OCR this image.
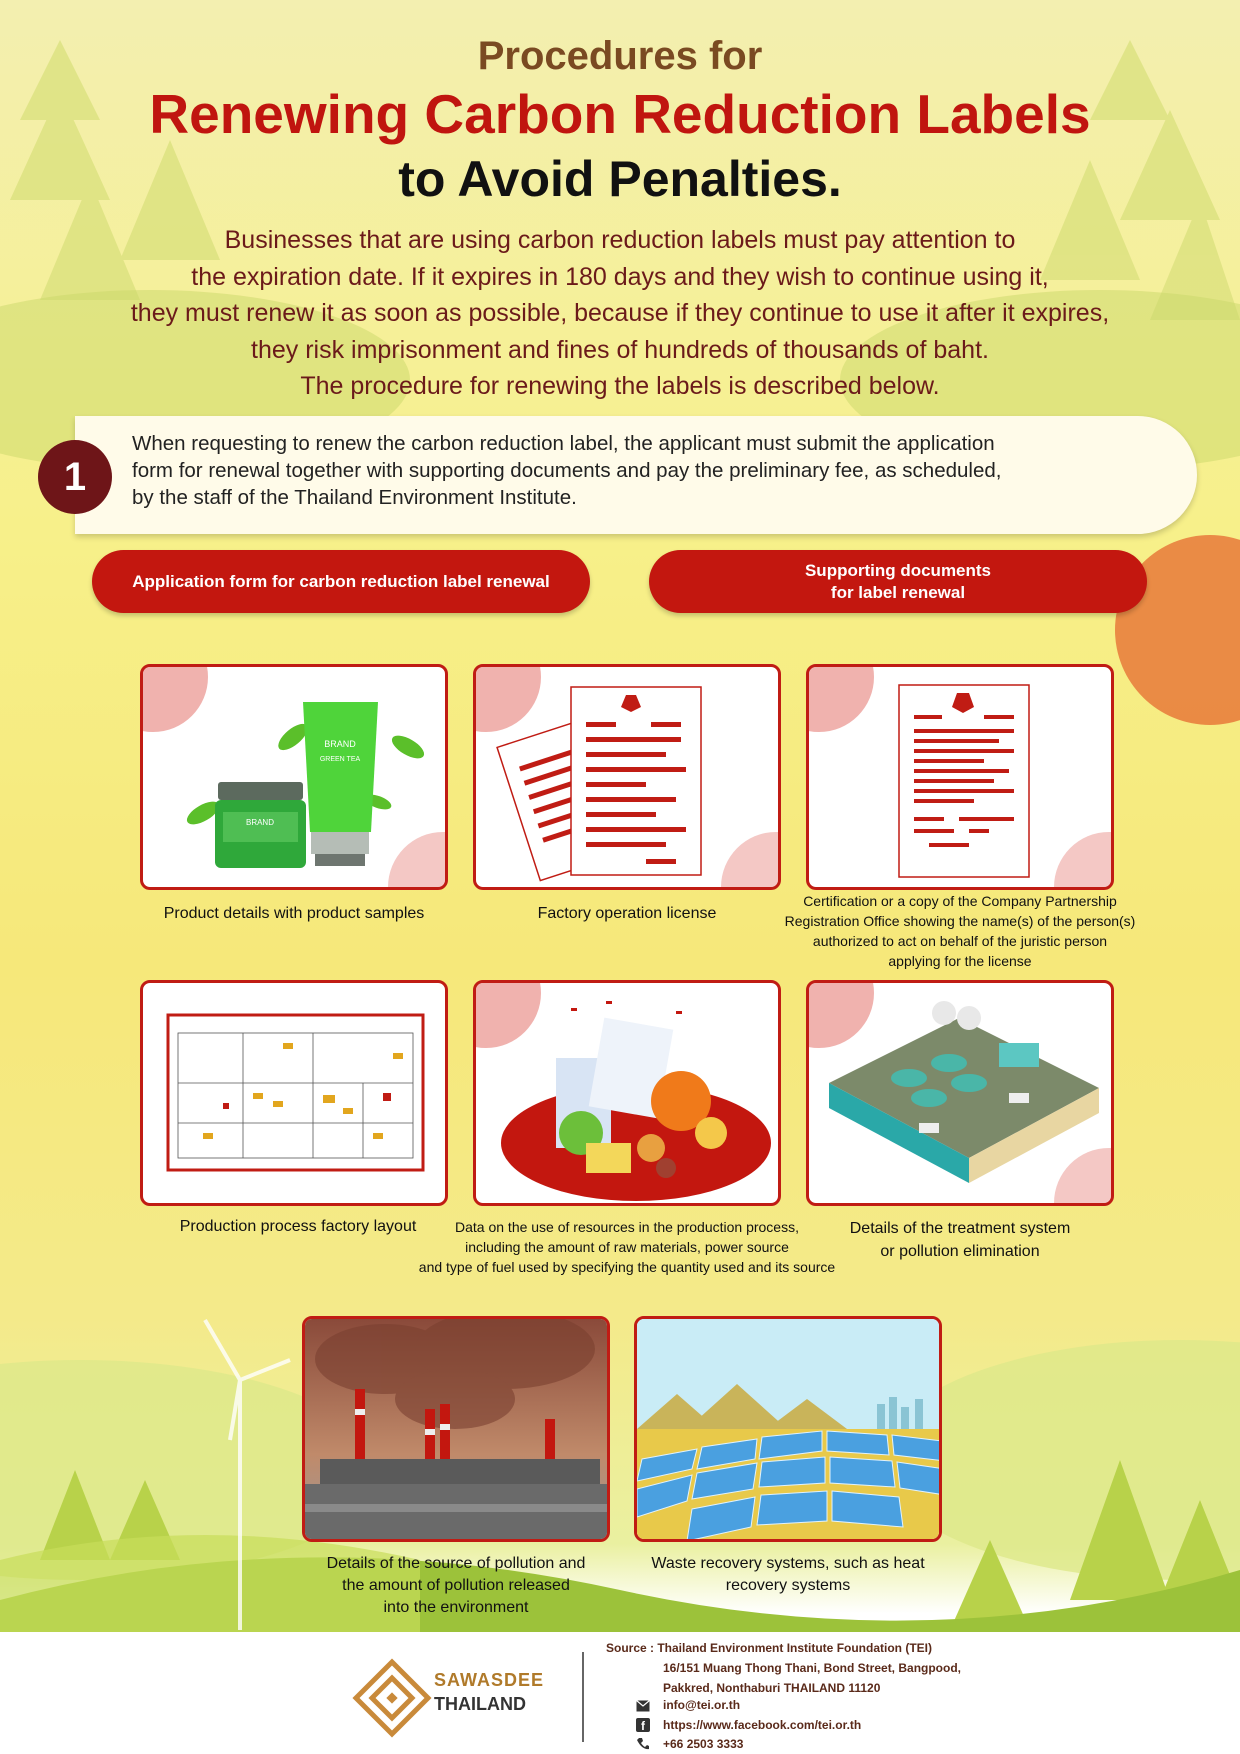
Procedures for
Renewing Carbon Reduction Labels
to Avoid Penalties.
Businesses that are using carbon reduction labels must pay attention to
the expiration date. If it expires in 180 days and they wish to continue using it,
they must renew it as soon as possible, because if they continue to use it after it expires,
they risk imprisonment and fines of hundreds of thousands of baht.
The procedure for renewing the labels is described below.
1
When requesting to renew the carbon reduction label, the applicant must submit the application
form for renewal together with supporting documents and pay the preliminary fee, as scheduled,
by the staff of the Thailand Environment Institute.
Application form for carbon reduction label renewal
Supporting documents
for label renewal
BRAND
BRAND
GREEN TEA
Product details with product samples	Factory operation license
Certification or a copy of the Company Partnership
Registration Office showing the name(s) of the person(s)
authorized to act on behalf of the juristic person
applying for the license
Production process factory layout	Data on the use of resources in the production process,
including the amount of raw materials, power source
and type of fuel used by specifying the quantity used and its source
Details of the treatment system
or pollution elimination
Details of the source of pollution and
the amount of pollution released
into the environment
Waste recovery systems, such as heat
recovery systems
SAWASDEE
THAILAND
Source : Thailand Environment Institute Foundation (TEI)
16/151 Muang Thong Thani, Bond Street, Bangpood,
Pakkred, Nonthaburi THAILAND 11120
info@tei.or.th
f https://www.facebook.com/tei.or.th
+66 2503 3333
